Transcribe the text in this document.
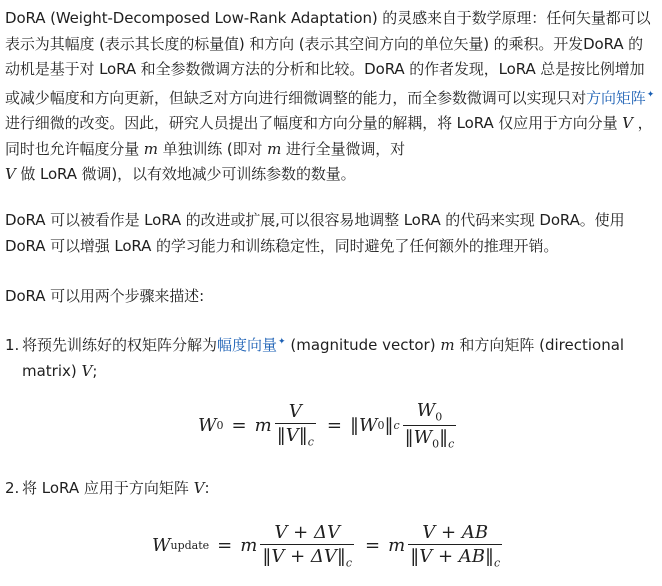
DoRA (Weight-Decomposed Low-Rank Adaptation) 的灵感来自于数学原理：任何矢量都可以表示为其幅度 (表示其长度的标量值) 和方向 (表示其空间方向的单位矢量) 的乘积。开发DoRA 的动机是基于对 LoRA 和全参数微调方法的分析和比较。DoRA 的作者发现，LoRA 总是按比例增加或减少幅度和方向更新，但缺乏对方向进行细微调整的能力，而全参数微调可以实现只对方向矩阵✦进行细微的改变。因此，研究人员提出了幅度和方向分量的解耦，将 LoRA 仅应用于方向分量 V ，同时也允许幅度分量 m 单独训练 (即对 m 进行全量微调，对
V 做 LoRA 微调)，以有效地减少可训练参数的数量。

DoRA 可以被看作是 LoRA 的改进或扩展,可以很容易地调整 LoRA 的代码来实现 DoRA。使用 DoRA 可以增强 LoRA 的学习能力和训练稳定性，同时避免了任何额外的推理开销。

DoRA 可以用两个步骤来描述:

1. 将预先训练好的权矩阵分解为幅度向量✦ (magnitude vector) m 和方向矩阵 (directional
matrix) V;
W 0 = m $\frac{V}{‖V‖_c}$ = ‖ W 0 ‖ c $\frac{W_0}{‖W_0‖_c}$
2. 将 LoRA 应用于方向矩阵 V:
W update = m $\frac{V + \Delta V}{‖V + \Delta V‖_c} = m \frac{V + AB}{‖V + AB‖_c}$
